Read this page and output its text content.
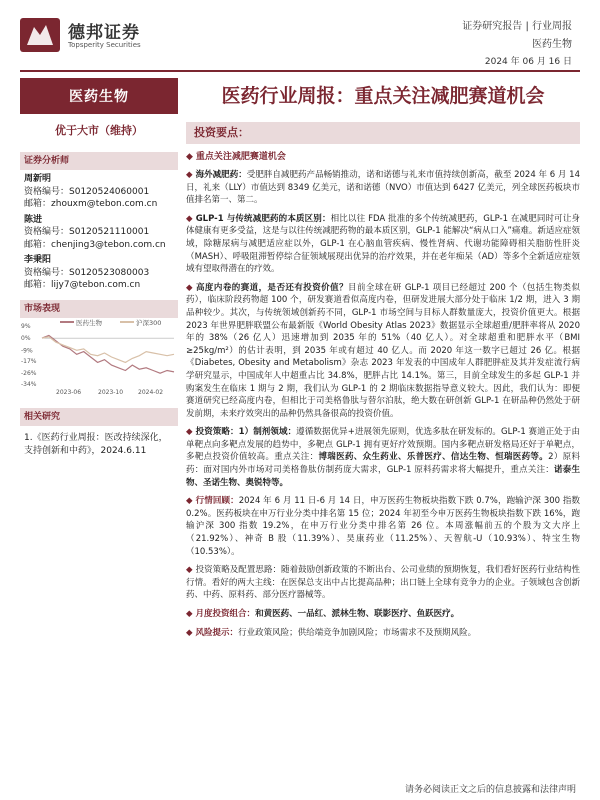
德邦证券
Topsperity Securities
证券研究报告 | 行业周报
医药生物
2024 年 06 月 16 日
医药生物
优于大市（维持）
证券分析师
周新明
资格编号：S0120524060001
邮箱：zhouxm@tebon.com.cn
陈进
资格编号：S0120521110001
邮箱：chenjing3@tebon.com.cn
李秉阳
资格编号：S0120523080003
邮箱：lijy7@tebon.com.cn
市场表现
医药生物	沪深300
9%
0%
-9%
-17%
-26%
-34%
2023-06	2023-10 2024-02
相关研究
1.《医药行业周报：医改持续深化，支持创新和中药》，2024.6.11
医药行业周报：重点关注减肥赛道机会
投资要点：
◆ 重点关注减肥赛道机会
◆ 海外减肥药：受肥胖自减肥药产品畅销推动，诺和诺德与礼来市值持续创新高，截至 2024 年 6 月 14 日，礼来（LLY）市值达到 8349 亿美元，诺和诺德（NVO）市值达到 6427 亿美元，列全球医药板块市值排名第一、第二。
◆ GLP-1 与传统减肥药的本质区别：相比以往 FDA 批准的多个传统减肥药，GLP-1 在减肥同时可让身体健康有更多受益，这是与以往传统减肥药物的最本质区别，GLP-1 能解决“病从口入”痛难。新适应症领域，除糖尿病与减肥适应症以外，GLP-1 在心脑血管疾病、慢性肾病、代谢功能障碍相关脂肪性肝炎（MASH）、呼吸阻滞暂停综合征领域展现出优异的治疗效果，并在老年痴呆（AD）等多个全新适应症领域有望取得潜在的疗效。
◆ 高度内卷的赛道，是否还有投资价值？目前全球在研 GLP-1 项目已经超过 200 个（包括生物类似药），临床阶段药物超 100 个，研发赛道看似高度内卷，但研发进展大部分处于临床 1/2 期，进入 3 期品种较少。其次，与传统领域创新药不同，GLP-1 市场空间与目标人群数量庞大，投资价值更大。根据 2023 年世界肥胖联盟公布最新版《World Obesity Atlas 2023》数据显示全球超重/肥胖率将从 2020 年的 38%（26 亿人）迅速增加到 2035 年的 51%（40 亿人）。对全球超重和肥胖水平（BMI ≥25kg/m²）的估计表明，到 2035 年或有超过 40 亿人。而 2020 年这一数字已超过 26 亿。根据《Diabetes, Obesity and Metabolism》杂志 2023 年发表的中国成年人群肥胖症及其并发症流行病学研究显示，中国成年人中超重占比 34.8%，肥胖占比 14.1%。第三，目前全球发生的多起 GLP-1 并购案发生在临床 1 期与 2 期，我们认为 GLP-1 的 2 期临床数据指导意义较大。因此，我们认为：即便赛道研究已经高度内卷，但相比于司美格鲁肽与替尔泊肽，绝大数在研创新 GLP-1 在研品种仍然处于研发前期，未来疗效突出的品种仍然具备很高的投资价值。
◆ 投资策略：1）制剂领域：遵循数据优异+进展领先原则，优选多肽在研发标的。GLP-1 赛道正处于由单靶点向多靶点发展的趋势中，多靶点 GLP-1 拥有更好疗效预期。国内多靶点研发格局还好于单靶点，多靶点投资价值较高。重点关注：博瑞医药、众生药业、乐普医疗、信达生物、恒瑞医药等。2）原料药：面对国内外市场对司美格鲁肽仿制药庞大需求，GLP-1 原料药需求将大幅提升，重点关注：诺泰生物、圣诺生物、奥锐特等。
◆ 行情回顾：2024 年 6 月 11 日-6 月 14 日，申万医药生物板块指数下跌 0.7%，跑输沪深 300 指数 0.2%。医药板块在申万行业分类中排名第 15 位；2024 年初至今申万医药生物板块指数下跌 16%，跑输沪深 300 指数 19.2%，在申万行业分类中排名第 26 位。本周涨幅前五的个股为文大序上（21.92%）、神奇 B 股（11.39%）、昊康药业（11.25%）、天智航-U（10.93%）、特宝生物（10.53%）。
◆ 投资策略及配置思路：随着鼓励创新政策的不断出台、公司业绩的预期恢复，我们看好医药行业结构性行情。看好的两大主线：在医保总支出中占比提高品种；出口链上全球有竞争力的企业。子领域包含创新药、中药、原料药、部分医疗器械等。
◆ 月度投资组合：和黄医药、一品红、派林生物、联影医疗、鱼跃医疗。
◆ 风险提示：行业政策风险；供给端竞争加剧风险；市场需求不及预期风险。
请务必阅读正文之后的信息披露和法律声明
